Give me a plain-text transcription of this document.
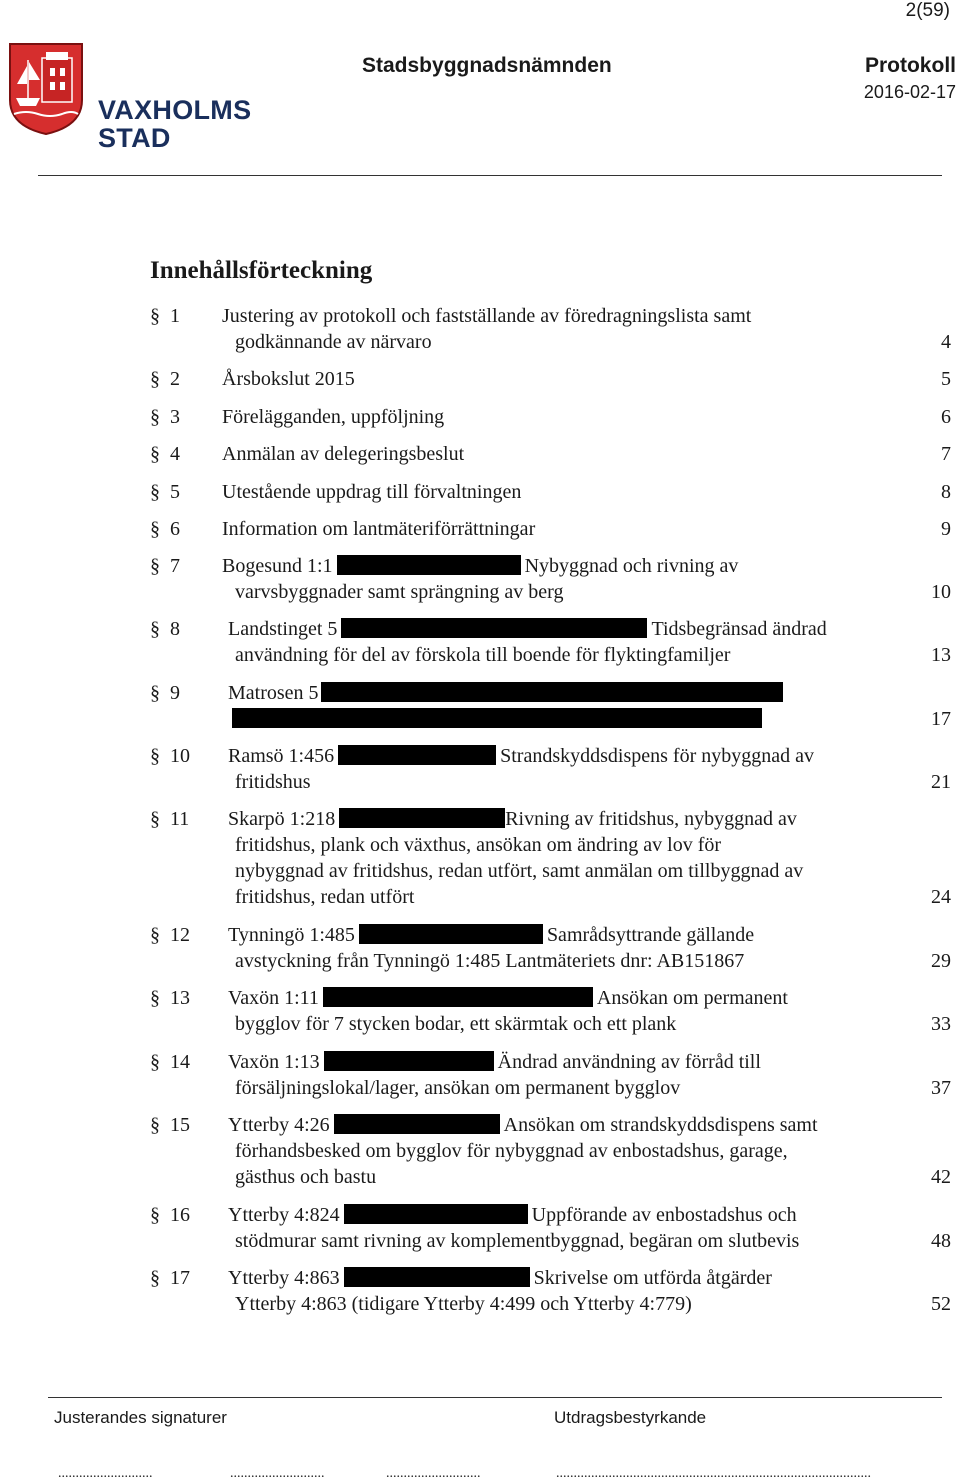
2(59)
VAXHOLMS
STAD
Stadsbyggnadsnämnden	Protokoll
2016-02-17
Innehållsförteckning
§ 1 Justering av protokoll och fastställande av föredragningslista samt
godkännande av närvaro	4
§ 2 Årsbokslut 2015	5
§ 3 Förelägganden, uppföljning	6
§ 4 Anmälan av delegeringsbeslut	7
§ 5 Utestående uppdrag till förvaltningen	8
§ 6 Information om lantmäteriförrättningar	9
§ 7 Bogesund 1:1	Nybyggnad och rivning av
varvsbyggnader samt sprängning av berg	10
§ 8 Landstinget 5	Tidsbegränsad ändrad
användning för del av förskola till boende för flyktingfamiljer	13
§ 9 Matrosen 5
17
§ 10 Ramsö 1:456	Strandskyddsdispens för nybyggnad av
fritidshus	21
§ 11 Skarpö 1:218	Rivning av fritidshus, nybyggnad av
fritidshus, plank och växthus, ansökan om ändring av lov för
nybyggnad av fritidshus, redan utfört, samt anmälan om tillbyggnad av
fritidshus, redan utfört	24
§ 12 Tynningö 1:485	Samrådsyttrande gällande
avstyckning från Tynningö 1:485 Lantmäteriets dnr: AB151867	29
§ 13 Vaxön 1:11	Ansökan om permanent
bygglov för 7 stycken bodar, ett skärmtak och ett plank	33
§ 14 Vaxön 1:13	Ändrad användning av förråd till
försäljningslokal/lager, ansökan om permanent bygglov	37
§ 15 Ytterby 4:26	Ansökan om strandskyddsdispens samt
förhandsbesked om bygglov för nybyggnad av enbostadshus, garage,
gästhus och bastu	42
§ 16 Ytterby 4:824	Uppförande av enbostadshus och
stödmurar samt rivning av komplementbyggnad, begäran om slutbevis	48
§ 17 Ytterby 4:863	Skrivelse om utförda åtgärder
Ytterby 4:863 (tidigare Ytterby 4:499 och Ytterby 4:779)	52
Justerandes signaturer	Utdragsbestyrkande
...........................	...........................	...........................	..........................................................................................
